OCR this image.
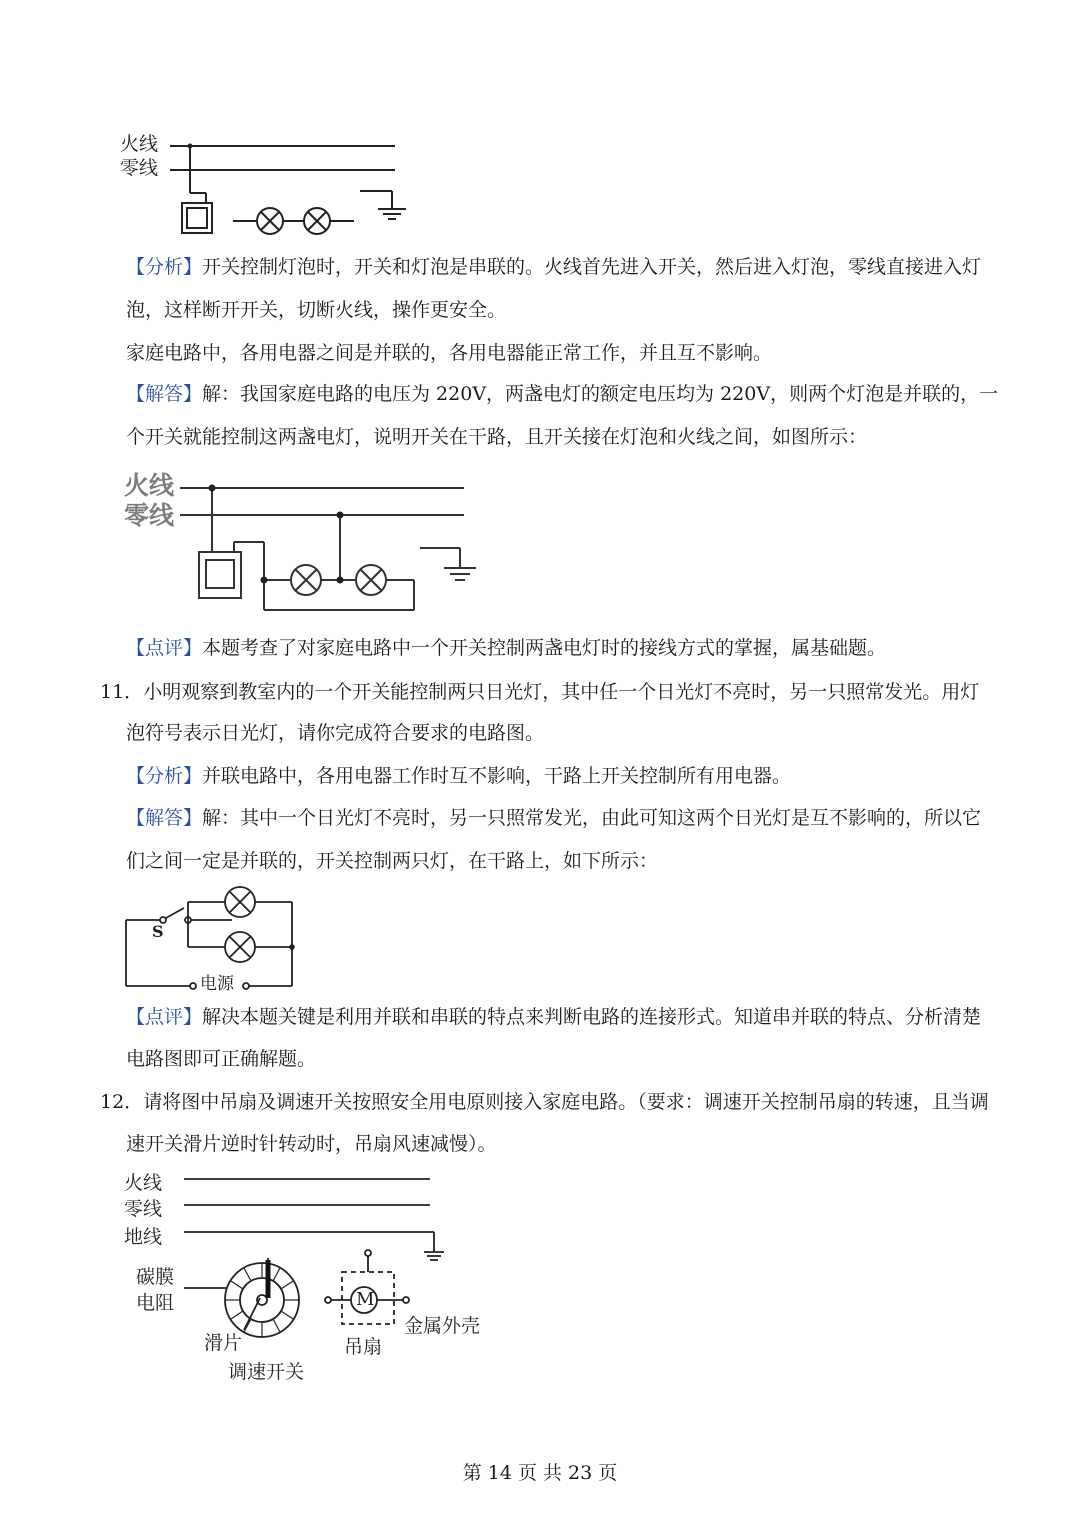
火线
零线
【分析】开关控制灯泡时，开关和灯泡是串联的。火线首先进入开关，然后进入灯泡，零线直接进入灯
泡，这样断开开关，切断火线，操作更安全。
家庭电路中，各用电器之间是并联的，各用电器能正常工作，并且互不影响。
【解答】解：我国家庭电路的电压为 220V，两盏电灯的额定电压均为 220V，则两个灯泡是并联的，一
个开关就能控制这两盏电灯，说明开关在干路，且开关接在灯泡和火线之间，如图所示：
火线
零线
【点评】本题考查了对家庭电路中一个开关控制两盏电灯时的接线方式的掌握，属基础题。
11．小明观察到教室内的一个开关能控制两只日光灯，其中任一个日光灯不亮时，另一只照常发光。用灯
泡符号表示日光灯，请你完成符合要求的电路图。
【分析】并联电路中，各用电器工作时互不影响，干路上开关控制所有用电器。
【解答】解：其中一个日光灯不亮时，另一只照常发光，由此可知这两个日光灯是互不影响的，所以它
们之间一定是并联的，开关控制两只灯，在干路上，如下所示：
S
电源
【点评】解决本题关键是利用并联和串联的特点来判断电路的连接形式。知道串并联的特点、分析清楚
电路图即可正确解题。
12．请将图中吊扇及调速开关按照安全用电原则接入家庭电路。（要求：调速开关控制吊扇的转速，且当调
速开关滑片逆时针转动时，吊扇风速减慢）。
火线
零线
地线
碳膜
电阻
滑片
调速开关
吊扇
金属外壳
M
第 14 页 共 23 页
